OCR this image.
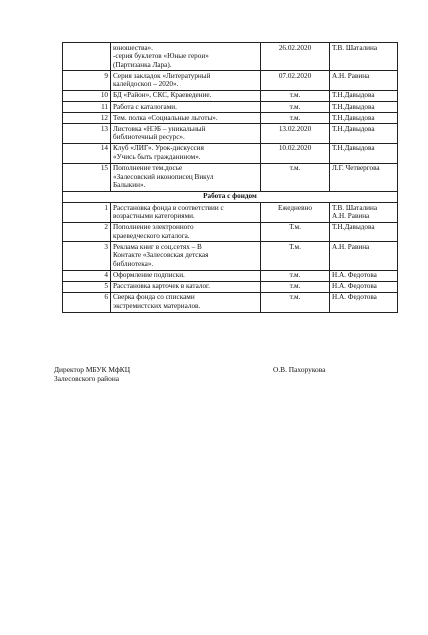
	юношества».
-серия буклетов «Юные герои»
(Партизанка Лара).	26.02.2020	Т.В. Шаталина

9	Серия закладок «Литературный
калейдоскоп – 2020».	07.02.2020	А.Н. Равина

10	БД «Район», СКС, Краеведение.	т.м.	Т.Н.Давыдова

11	Работа с каталогами.	т.м.	Т.Н.Давыдова

12	Тем. полка «Социальные льготы».	т.м.	Т.Н.Давыдова

13	Листовка «НЭБ – уникальный
библиотечный ресурс».	13.02.2020	Т.Н.Давыдова

14	Клуб «ЛИГ». Урок-дискуссия
«Учись быть гражданином».	10.02.2020	Т.Н.Давыдова

15	Пополнение тем.досье
«Залесовский иконописец Викул
Балыкин».	т.м.	Л.Г. Четвергова

Работа с фондом			
1	Расстановка фонда в соответствии с
возрастными категориями.	Ежедневно	Т.В. Шаталина
А.Н. Равина

2	Пополнение электронного
краеведческого каталога.	Т.м.	Т.Н.Давыдова

3	Реклама книг в соц.сетях – В
Контакте «Залесовская детская
библиотека».	Т.м.	А.Н. Равина

4	Оформление подписки.	т.м.	Н.А. Федотова

5	Расстановка карточек в каталог.	т.м.	Н.А. Федотова

6	Сверка фонда со списками
экстремистских материалов.	т.м.	Н.А. Федотова
Директор МБУК МфКЦ
Залесовского района
О.В. Пахорукова
